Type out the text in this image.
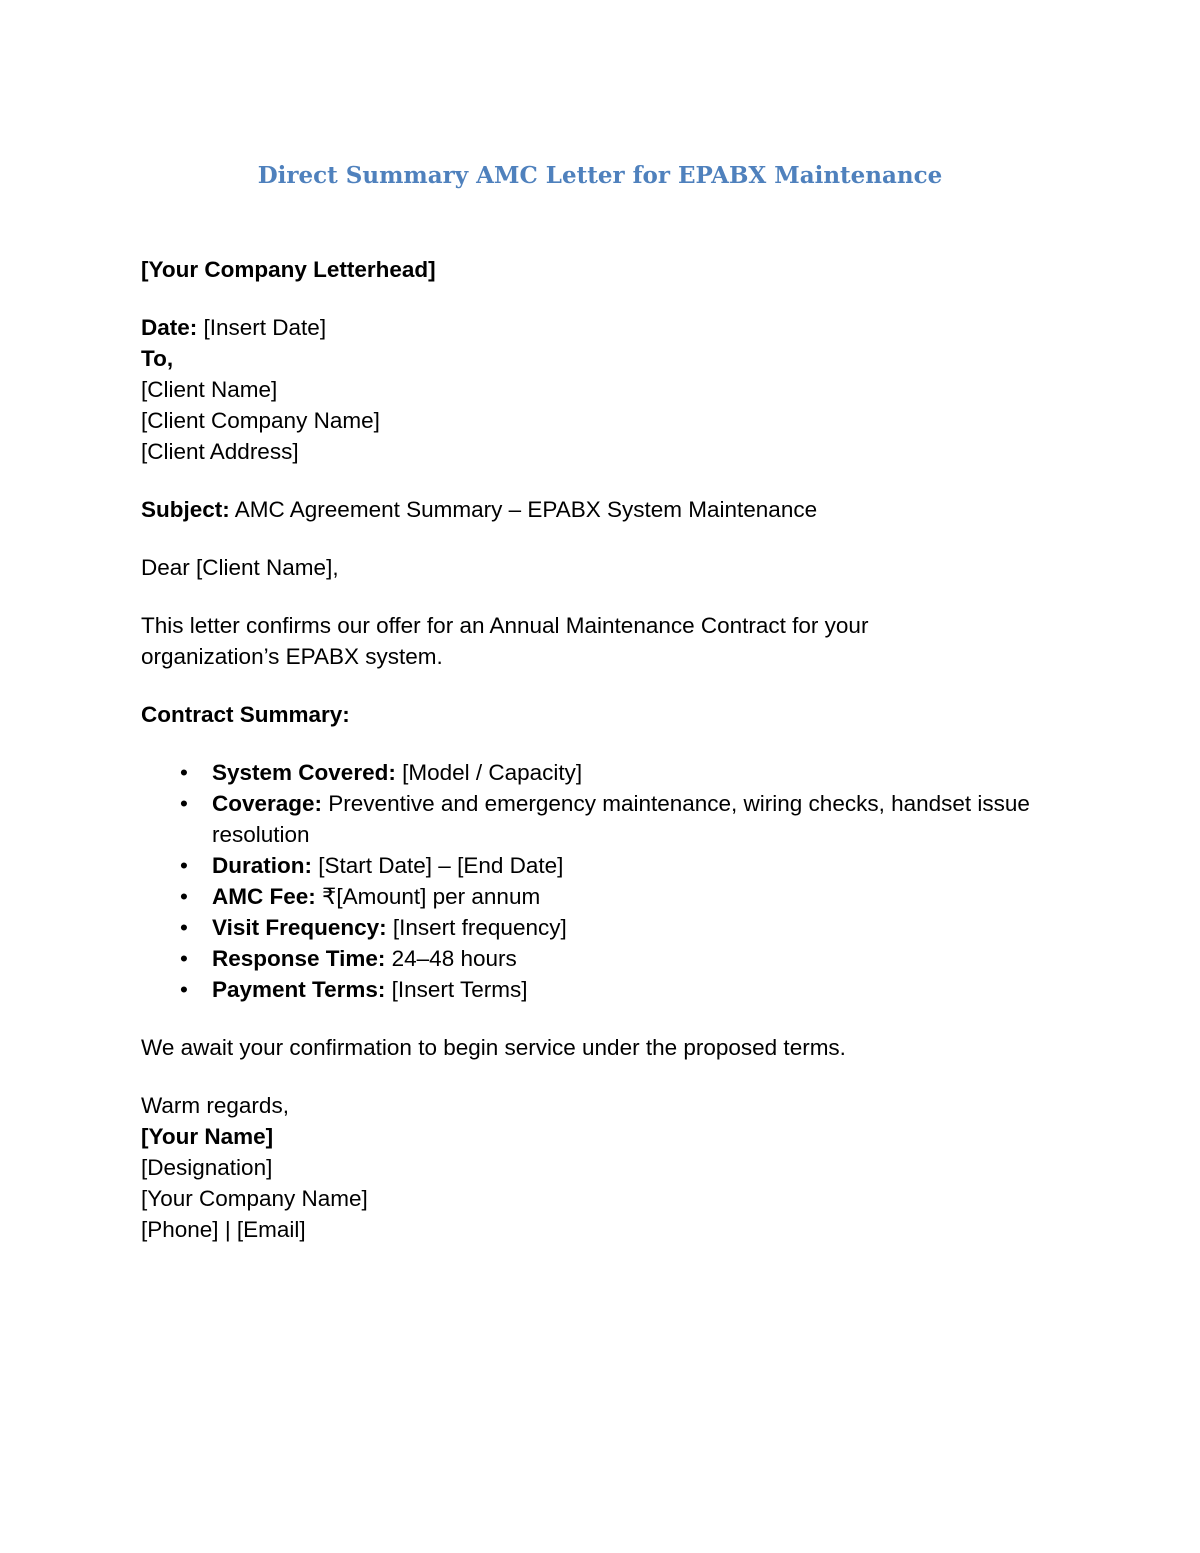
Direct Summary AMC Letter for EPABX Maintenance
[Your Company Letterhead]
Date: [Insert Date]
To,
[Client Name]
[Client Company Name]
[Client Address]
Subject: AMC Agreement Summary – EPABX System Maintenance
Dear [Client Name],
This letter confirms our offer for an Annual Maintenance Contract for your
organization’s EPABX system.
Contract Summary:
• System Covered: [Model / Capacity]
• Coverage: Preventive and emergency maintenance, wiring checks, handset issue resolution
• Duration: [Start Date] – [End Date]
• AMC Fee: ₹[Amount] per annum
• Visit Frequency: [Insert frequency]
• Response Time: 24–48 hours
• Payment Terms: [Insert Terms]
We await your confirmation to begin service under the proposed terms.
Warm regards,
[Your Name]
[Designation]
[Your Company Name]
[Phone] | [Email]
